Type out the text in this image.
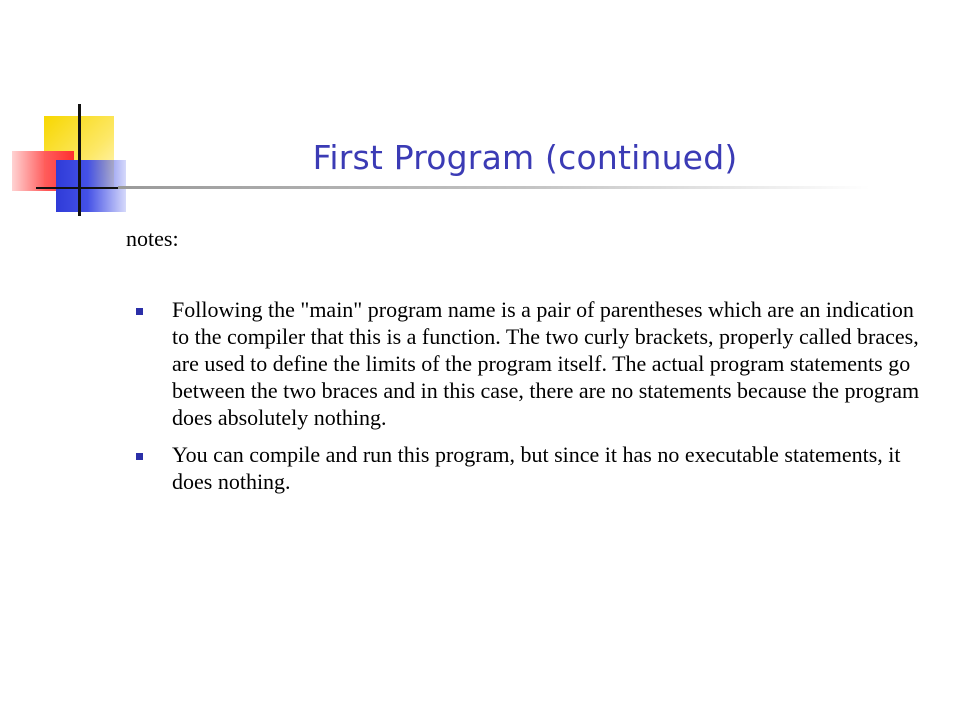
First Program (continued)
notes:
Following the "main" program name is a pair of parentheses which are an indication to the compiler that this is a function. The two curly brackets, properly called braces, are used to define the limits of the program itself. The actual program statements go between the two braces and in this case, there are no statements because the program does absolutely nothing.
You can compile and run this program, but since it has no executable statements, it does nothing.
